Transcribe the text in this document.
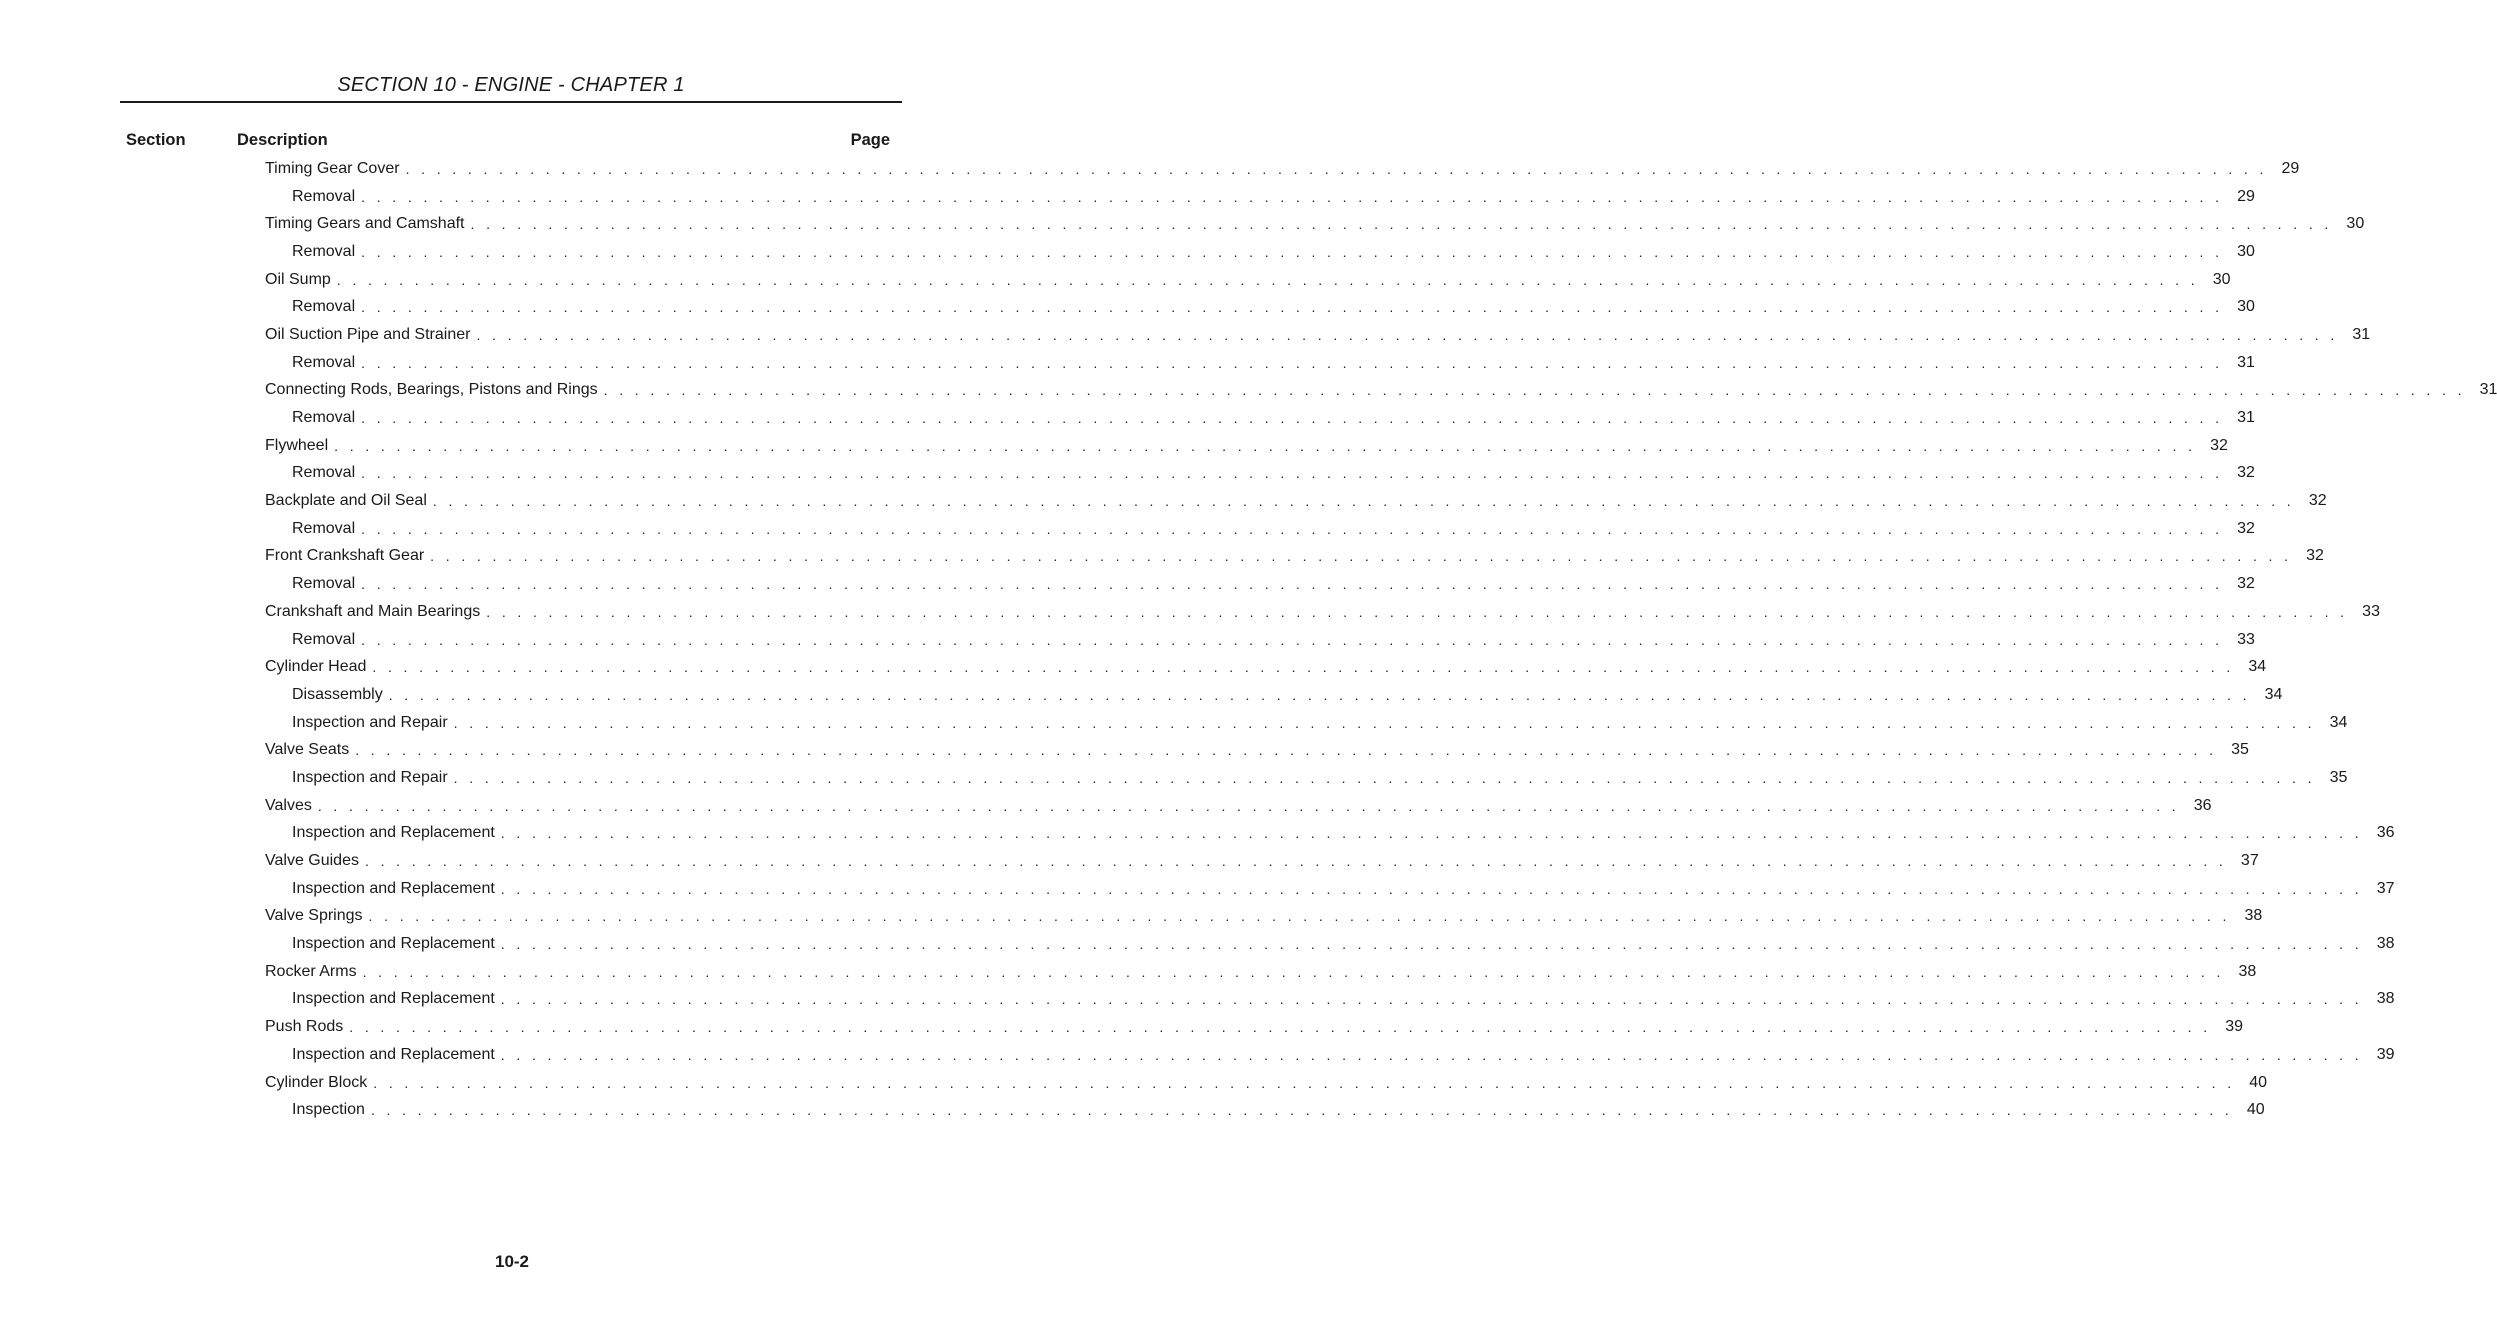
SECTION 10 - ENGINE - CHAPTER 1
Section	Description	Page
Timing Gear Cover . . . . . . . . . . . . . . . . . . . . . . . . . . . . . . . . . . . . . . . . . . . . . . . . . . . . . . . . . . . . . . . . . . . . . . . . . . . . . . . . . . . . . . . . . . . . . . . . . . . . . . . . . . . . . . . . . . . . . . . . 29
Removal . . . . . . . . . . . . . . . . . . . . . . . . . . . . . . . . . . . . . . . . . . . . . . . . . . . . . . . . . . . . . . . . . . . . . . . . . . . . . . . . . . . . . . . . . . . . . . . . . . . . . . . . . . . . . . . . . . . . . . . . 29
Timing Gears and Camshaft . . . . . . . . . . . . . . . . . . . . . . . . . . . . . . . . . . . . . . . . . . . . . . . . . . . . . . . . . . . . . . . . . . . . . . . . . . . . . . . . . . . . . . . . . . . . . . . . . . . . . . . . . . . . . . . . . . . . . . . . 30
Removal . . . . . . . . . . . . . . . . . . . . . . . . . . . . . . . . . . . . . . . . . . . . . . . . . . . . . . . . . . . . . . . . . . . . . . . . . . . . . . . . . . . . . . . . . . . . . . . . . . . . . . . . . . . . . . . . . . . . . . . . 30
Oil Sump . . . . . . . . . . . . . . . . . . . . . . . . . . . . . . . . . . . . . . . . . . . . . . . . . . . . . . . . . . . . . . . . . . . . . . . . . . . . . . . . . . . . . . . . . . . . . . . . . . . . . . . . . . . . . . . . . . . . . . . . 30
Removal . . . . . . . . . . . . . . . . . . . . . . . . . . . . . . . . . . . . . . . . . . . . . . . . . . . . . . . . . . . . . . . . . . . . . . . . . . . . . . . . . . . . . . . . . . . . . . . . . . . . . . . . . . . . . . . . . . . . . . . . 30
Oil Suction Pipe and Strainer . . . . . . . . . . . . . . . . . . . . . . . . . . . . . . . . . . . . . . . . . . . . . . . . . . . . . . . . . . . . . . . . . . . . . . . . . . . . . . . . . . . . . . . . . . . . . . . . . . . . . . . . . . . . . . . . . . . . . . . . 31
Removal . . . . . . . . . . . . . . . . . . . . . . . . . . . . . . . . . . . . . . . . . . . . . . . . . . . . . . . . . . . . . . . . . . . . . . . . . . . . . . . . . . . . . . . . . . . . . . . . . . . . . . . . . . . . . . . . . . . . . . . . 31
Connecting Rods, Bearings, Pistons and Rings . . . . . . . . . . . . . . . . . . . . . . . . . . . . . . . . . . . . . . . . . . . . . . . . . . . . . . . . . . . . . . . . . . . . . . . . . . . . . . . . . . . . . . . . . . . . . . . . . . . . . . . . . . . . . . . . . . . . . . . . 31
Removal . . . . . . . . . . . . . . . . . . . . . . . . . . . . . . . . . . . . . . . . . . . . . . . . . . . . . . . . . . . . . . . . . . . . . . . . . . . . . . . . . . . . . . . . . . . . . . . . . . . . . . . . . . . . . . . . . . . . . . . . 31
Flywheel . . . . . . . . . . . . . . . . . . . . . . . . . . . . . . . . . . . . . . . . . . . . . . . . . . . . . . . . . . . . . . . . . . . . . . . . . . . . . . . . . . . . . . . . . . . . . . . . . . . . . . . . . . . . . . . . . . . . . . . . 32
Removal . . . . . . . . . . . . . . . . . . . . . . . . . . . . . . . . . . . . . . . . . . . . . . . . . . . . . . . . . . . . . . . . . . . . . . . . . . . . . . . . . . . . . . . . . . . . . . . . . . . . . . . . . . . . . . . . . . . . . . . . 32
Backplate and Oil Seal . . . . . . . . . . . . . . . . . . . . . . . . . . . . . . . . . . . . . . . . . . . . . . . . . . . . . . . . . . . . . . . . . . . . . . . . . . . . . . . . . . . . . . . . . . . . . . . . . . . . . . . . . . . . . . . . . . . . . . . . 32
Removal . . . . . . . . . . . . . . . . . . . . . . . . . . . . . . . . . . . . . . . . . . . . . . . . . . . . . . . . . . . . . . . . . . . . . . . . . . . . . . . . . . . . . . . . . . . . . . . . . . . . . . . . . . . . . . . . . . . . . . . . 32
Front Crankshaft Gear . . . . . . . . . . . . . . . . . . . . . . . . . . . . . . . . . . . . . . . . . . . . . . . . . . . . . . . . . . . . . . . . . . . . . . . . . . . . . . . . . . . . . . . . . . . . . . . . . . . . . . . . . . . . . . . . . . . . . . . . 32
Removal . . . . . . . . . . . . . . . . . . . . . . . . . . . . . . . . . . . . . . . . . . . . . . . . . . . . . . . . . . . . . . . . . . . . . . . . . . . . . . . . . . . . . . . . . . . . . . . . . . . . . . . . . . . . . . . . . . . . . . . . 32
Crankshaft and Main Bearings . . . . . . . . . . . . . . . . . . . . . . . . . . . . . . . . . . . . . . . . . . . . . . . . . . . . . . . . . . . . . . . . . . . . . . . . . . . . . . . . . . . . . . . . . . . . . . . . . . . . . . . . . . . . . . . . . . . . . . . . 33
Removal . . . . . . . . . . . . . . . . . . . . . . . . . . . . . . . . . . . . . . . . . . . . . . . . . . . . . . . . . . . . . . . . . . . . . . . . . . . . . . . . . . . . . . . . . . . . . . . . . . . . . . . . . . . . . . . . . . . . . . . . 33
Cylinder Head . . . . . . . . . . . . . . . . . . . . . . . . . . . . . . . . . . . . . . . . . . . . . . . . . . . . . . . . . . . . . . . . . . . . . . . . . . . . . . . . . . . . . . . . . . . . . . . . . . . . . . . . . . . . . . . . . . . . . . . . 34
Disassembly . . . . . . . . . . . . . . . . . . . . . . . . . . . . . . . . . . . . . . . . . . . . . . . . . . . . . . . . . . . . . . . . . . . . . . . . . . . . . . . . . . . . . . . . . . . . . . . . . . . . . . . . . . . . . . . . . . . . . . . . 34
Inspection and Repair . . . . . . . . . . . . . . . . . . . . . . . . . . . . . . . . . . . . . . . . . . . . . . . . . . . . . . . . . . . . . . . . . . . . . . . . . . . . . . . . . . . . . . . . . . . . . . . . . . . . . . . . . . . . . . . . . . . . . . . . 34
Valve Seats . . . . . . . . . . . . . . . . . . . . . . . . . . . . . . . . . . . . . . . . . . . . . . . . . . . . . . . . . . . . . . . . . . . . . . . . . . . . . . . . . . . . . . . . . . . . . . . . . . . . . . . . . . . . . . . . . . . . . . . . 35
Inspection and Repair . . . . . . . . . . . . . . . . . . . . . . . . . . . . . . . . . . . . . . . . . . . . . . . . . . . . . . . . . . . . . . . . . . . . . . . . . . . . . . . . . . . . . . . . . . . . . . . . . . . . . . . . . . . . . . . . . . . . . . . . 35
Valves . . . . . . . . . . . . . . . . . . . . . . . . . . . . . . . . . . . . . . . . . . . . . . . . . . . . . . . . . . . . . . . . . . . . . . . . . . . . . . . . . . . . . . . . . . . . . . . . . . . . . . . . . . . . . . . . . . . . . . . . 36
Inspection and Replacement . . . . . . . . . . . . . . . . . . . . . . . . . . . . . . . . . . . . . . . . . . . . . . . . . . . . . . . . . . . . . . . . . . . . . . . . . . . . . . . . . . . . . . . . . . . . . . . . . . . . . . . . . . . . . . . . . . . . . . . . 36
Valve Guides . . . . . . . . . . . . . . . . . . . . . . . . . . . . . . . . . . . . . . . . . . . . . . . . . . . . . . . . . . . . . . . . . . . . . . . . . . . . . . . . . . . . . . . . . . . . . . . . . . . . . . . . . . . . . . . . . . . . . . . . 37
Inspection and Replacement . . . . . . . . . . . . . . . . . . . . . . . . . . . . . . . . . . . . . . . . . . . . . . . . . . . . . . . . . . . . . . . . . . . . . . . . . . . . . . . . . . . . . . . . . . . . . . . . . . . . . . . . . . . . . . . . . . . . . . . . 37
Valve Springs . . . . . . . . . . . . . . . . . . . . . . . . . . . . . . . . . . . . . . . . . . . . . . . . . . . . . . . . . . . . . . . . . . . . . . . . . . . . . . . . . . . . . . . . . . . . . . . . . . . . . . . . . . . . . . . . . . . . . . . . 38
Inspection and Replacement . . . . . . . . . . . . . . . . . . . . . . . . . . . . . . . . . . . . . . . . . . . . . . . . . . . . . . . . . . . . . . . . . . . . . . . . . . . . . . . . . . . . . . . . . . . . . . . . . . . . . . . . . . . . . . . . . . . . . . . . 38
Rocker Arms . . . . . . . . . . . . . . . . . . . . . . . . . . . . . . . . . . . . . . . . . . . . . . . . . . . . . . . . . . . . . . . . . . . . . . . . . . . . . . . . . . . . . . . . . . . . . . . . . . . . . . . . . . . . . . . . . . . . . . . . 38
Inspection and Replacement . . . . . . . . . . . . . . . . . . . . . . . . . . . . . . . . . . . . . . . . . . . . . . . . . . . . . . . . . . . . . . . . . . . . . . . . . . . . . . . . . . . . . . . . . . . . . . . . . . . . . . . . . . . . . . . . . . . . . . . . 38
Push Rods . . . . . . . . . . . . . . . . . . . . . . . . . . . . . . . . . . . . . . . . . . . . . . . . . . . . . . . . . . . . . . . . . . . . . . . . . . . . . . . . . . . . . . . . . . . . . . . . . . . . . . . . . . . . . . . . . . . . . . . . 39
Inspection and Replacement . . . . . . . . . . . . . . . . . . . . . . . . . . . . . . . . . . . . . . . . . . . . . . . . . . . . . . . . . . . . . . . . . . . . . . . . . . . . . . . . . . . . . . . . . . . . . . . . . . . . . . . . . . . . . . . . . . . . . . . . 39
Cylinder Block . . . . . . . . . . . . . . . . . . . . . . . . . . . . . . . . . . . . . . . . . . . . . . . . . . . . . . . . . . . . . . . . . . . . . . . . . . . . . . . . . . . . . . . . . . . . . . . . . . . . . . . . . . . . . . . . . . . . . . . . 40
Inspection . . . . . . . . . . . . . . . . . . . . . . . . . . . . . . . . . . . . . . . . . . . . . . . . . . . . . . . . . . . . . . . . . . . . . . . . . . . . . . . . . . . . . . . . . . . . . . . . . . . . . . . . . . . . . . . . . . . . . . . . 40
10-2
